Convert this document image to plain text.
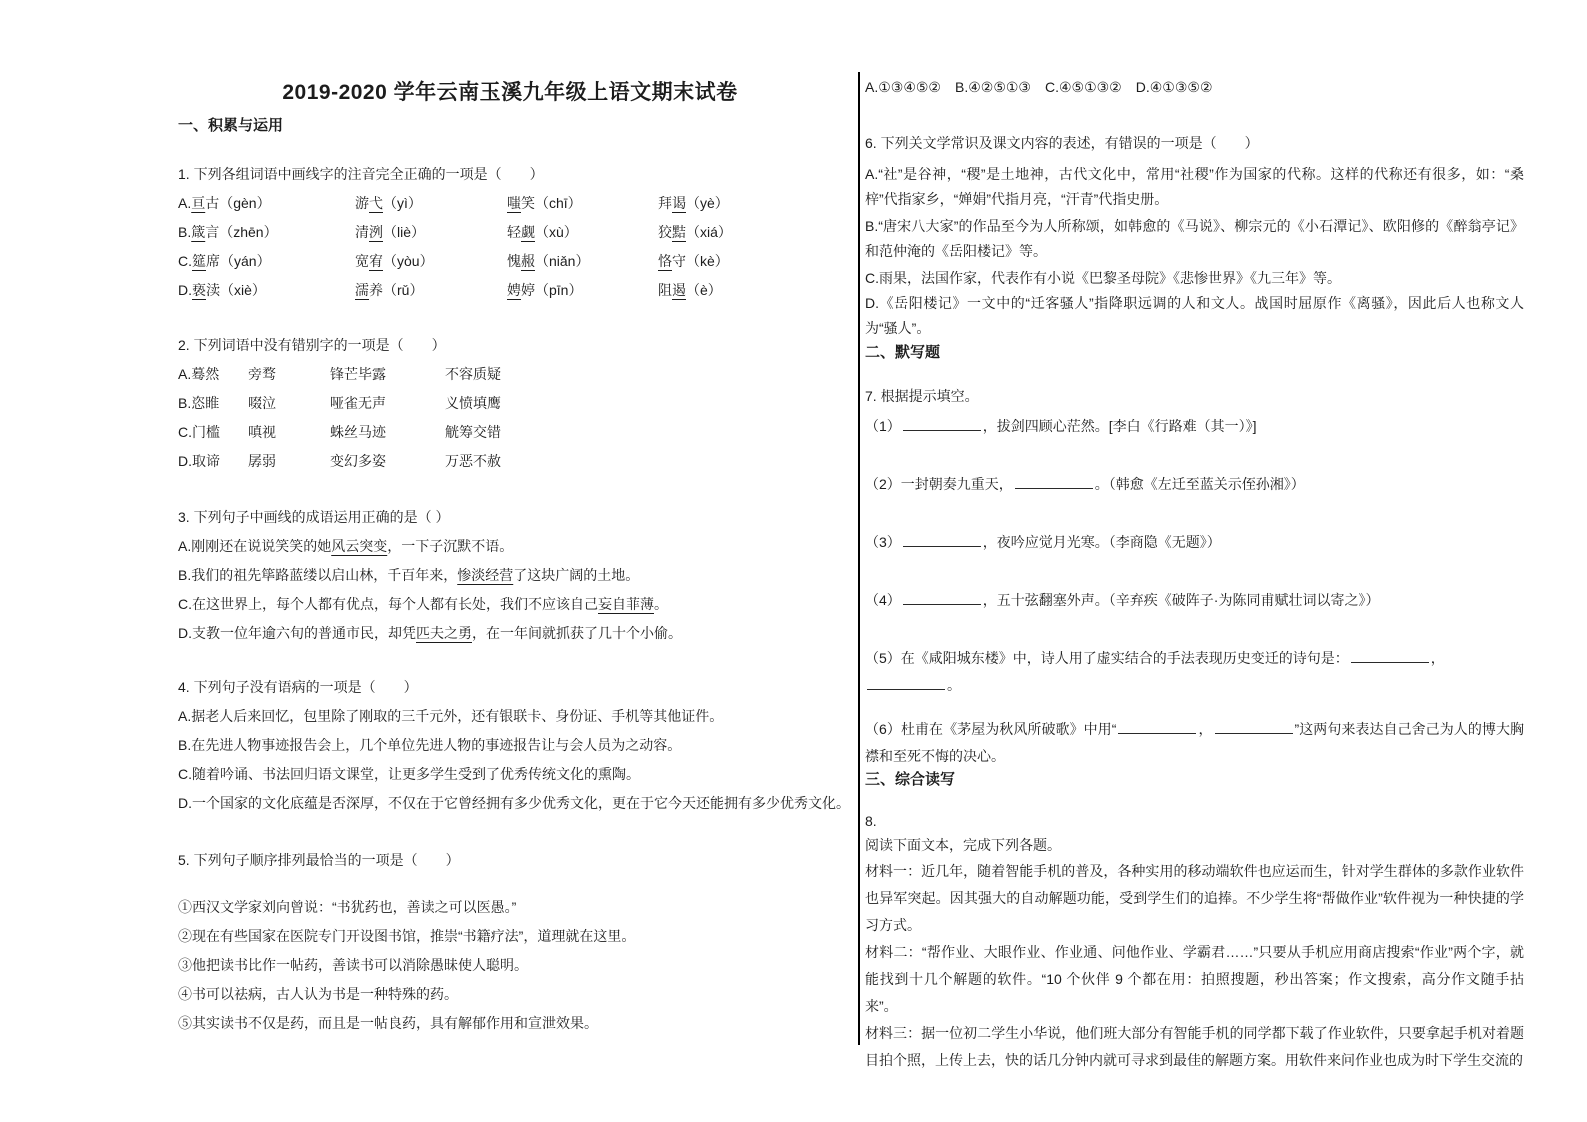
2019-2020 学年云南玉溪九年级上语文期末试卷
一、积累与运用
1. 下列各组词语中画线字的注音完全正确的一项是（　　）
A.亘古（gèn）	游弋（yì）	嗤笑（chī）	拜谒（yè）
B.箴言（zhēn）	清洌（liè）	轻觑（xù）	狡黠（xiá）
C.筵席（yán）	宽宥（yòu）	愧赧（niǎn）	恪守（kè）
D.亵渎（xiè）	濡养（rǔ）	娉婷（pīn）	阻遏（è）
2. 下列词语中没有错别字的一项是（　　）
A.蓦然 旁骛	锋芒毕露	不容质疑
B.恣睢 啜泣	哑雀无声	义愤填鹰
C.门槛 嗔视	蛛丝马迹	觥筹交错
D.取谛 孱弱	变幻多姿	万恶不赦
3. 下列句子中画线的成语运用正确的是（ ）
A.刚刚还在说说笑笑的她风云突变，一下子沉默不语。
B.我们的祖先筚路蓝缕以启山林，千百年来，惨淡经营了这块广阔的土地。
C.在这世界上，每个人都有优点，每个人都有长处，我们不应该自己妄自菲薄。
D.支教一位年逾六旬的普通市民，却凭匹夫之勇，在一年间就抓获了几十个小偷。
4. 下列句子没有语病的一项是（　　）
A.据老人后来回忆，包里除了刚取的三千元外，还有银联卡、身份证、手机等其他证件。
B.在先进人物事迹报告会上，几个单位先进人物的事迹报告让与会人员为之动容。
C.随着吟诵、书法回归语文课堂，让更多学生受到了优秀传统文化的熏陶。
D.一个国家的文化底蕴是否深厚，不仅在于它曾经拥有多少优秀文化，更在于它今天还能拥有多少优秀文化。
5. 下列句子顺序排列最恰当的一项是（　　）
①西汉文学家刘向曾说：“书犹药也，善读之可以医愚。”
②现在有些国家在医院专门开设图书馆，推崇“书籍疗法”，道理就在这里。
③他把读书比作一帖药，善读书可以消除愚昧使人聪明。
④书可以祛病，古人认为书是一种特殊的药。
⑤其实读书不仅是药，而且是一帖良药，具有解郁作用和宣泄效果。
A.①③④⑤② B.④②⑤①③ C.④⑤①③② D.④①③⑤②
6. 下列关文学常识及课文内容的表述，有错误的一项是（　　）
A.“社”是谷神，“稷”是土地神，古代文化中，常用“社稷”作为国家的代称。这样的代称还有很多，如：“桑梓”代指家乡，“婵娟”代指月亮，“汗青”代指史册。
B.“唐宋八大家”的作品至今为人所称颂，如韩愈的《马说》、柳宗元的《小石潭记》、欧阳修的《醉翁亭记》和范仲淹的《岳阳楼记》等。
C.雨果，法国作家，代表作有小说《巴黎圣母院》《悲惨世界》《九三年》等。
D.《岳阳楼记》一文中的“迁客骚人”指降职远调的人和文人。战国时屈原作《离骚》，因此后人也称文人为“骚人”。
二、默写题
7. 根据提示填空。
（1）	，拔剑四顾心茫然。[李白《行路难（其一）》]
（2）一封朝奏九重天，	。（韩愈《左迁至蓝关示侄孙湘》）
（3）	，夜吟应觉月光寒。（李商隐《无题》）
（4）	，五十弦翻塞外声。（辛弃疾《破阵子·为陈同甫赋壮词以寄之》）
（5）在《咸阳城东楼》中，诗人用了虚实结合的手法表现历史变迁的诗句是：	，
。
（6）杜甫在《茅屋为秋风所破歌》中用“	，	”这两句来表达自己舍己为人的博大胸襟和至死不悔的决心。
三、综合读写
8.
阅读下面文本，完成下列各题。
材料一：近几年，随着智能手机的普及，各种实用的移动端软件也应运而生，针对学生群体的多款作业软件也异军突起。因其强大的自动解题功能，受到学生们的追捧。不少学生将“帮做作业”软件视为一种快捷的学习方式。
材料二：“帮作业、大眼作业、作业通、问他作业、学霸君……”只要从手机应用商店搜索“作业”两个字，就能找到十几个解题的软件。“10 个伙伴 9 个都在用：拍照搜题，秒出答案；作文搜索，高分作文随手拈来”。
材料三：据一位初二学生小华说，他们班大部分有智能手机的同学都下载了作业软件，只要拿起手机对着题目拍个照，上传上去，快的话几分钟内就可寻求到最佳的解题方案。用软件来问作业也成为时下学生交流的
